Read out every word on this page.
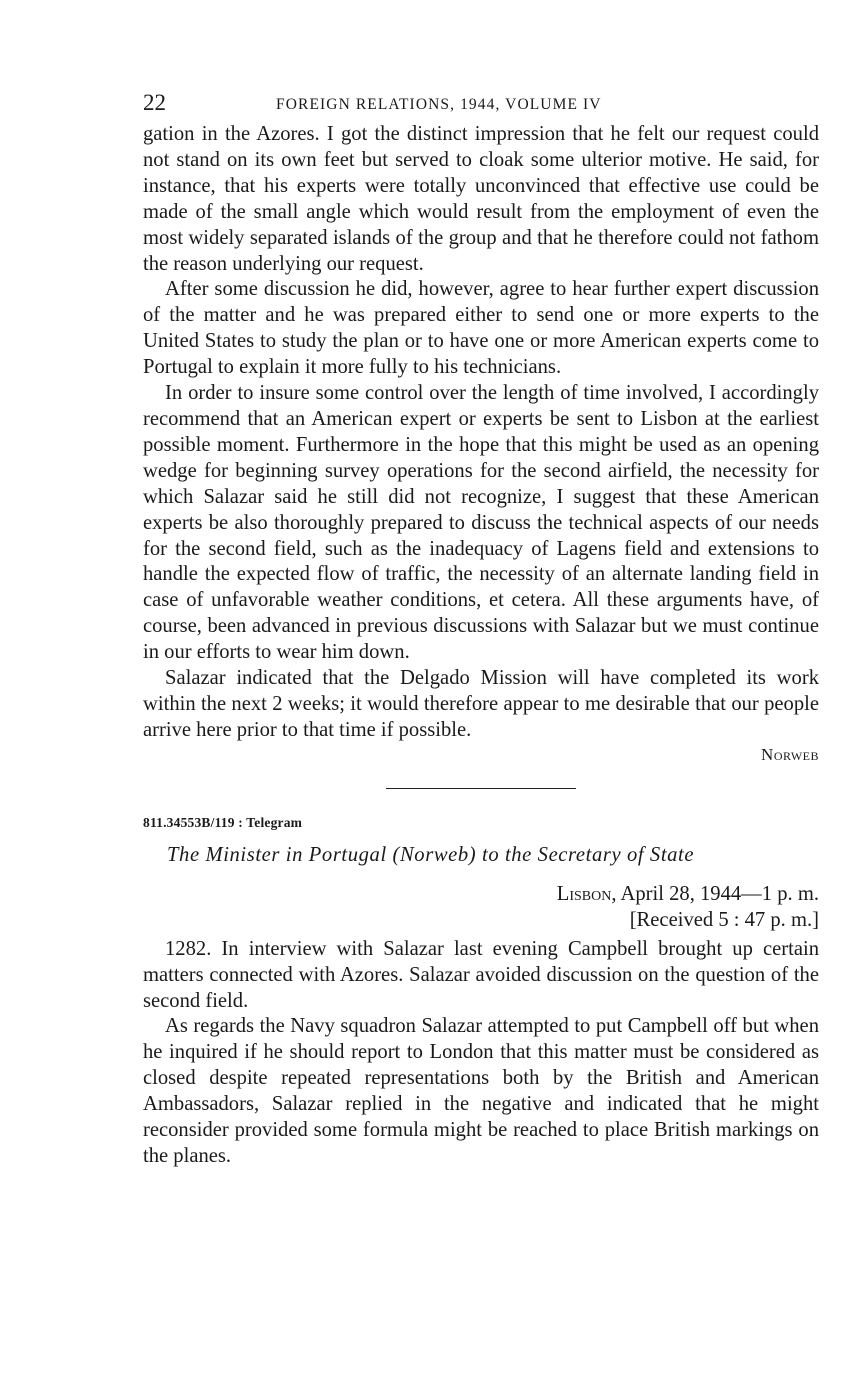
22	FOREIGN RELATIONS, 1944, VOLUME IV

gation in the Azores. I got the distinct impression that he felt our request could not stand on its own feet but served to cloak some ulterior motive. He said, for instance, that his experts were totally unconvinced that effective use could be made of the small angle which would result from the employment of even the most widely separated islands of the group and that he therefore could not fathom the reason underlying our request.

After some discussion he did, however, agree to hear further expert discussion of the matter and he was prepared either to send one or more experts to the United States to study the plan or to have one or more American experts come to Portugal to explain it more fully to his technicians.

In order to insure some control over the length of time involved, I accordingly recommend that an American expert or experts be sent to Lisbon at the earliest possible moment. Furthermore in the hope that this might be used as an opening wedge for beginning survey operations for the second airfield, the necessity for which Salazar said he still did not recognize, I suggest that these American experts be also thoroughly prepared to discuss the technical aspects of our needs for the second field, such as the inadequacy of Lagens field and extensions to handle the expected flow of traffic, the necessity of an alternate landing field in case of unfavorable weather conditions, et cetera. All these arguments have, of course, been advanced in previous discussions with Salazar but we must continue in our efforts to wear him down.

Salazar indicated that the Delgado Mission will have completed its work within the next 2 weeks; it would therefore appear to me desirable that our people arrive here prior to that time if possible.

Norweb
811.34553B/119 : Telegram
The Minister in Portugal (Norweb) to the Secretary of State
Lisbon, April 28, 1944—1 p. m.
[Received 5 : 47 p. m.]

1282. In interview with Salazar last evening Campbell brought up certain matters connected with Azores. Salazar avoided discussion on the question of the second field.

As regards the Navy squadron Salazar attempted to put Campbell off but when he inquired if he should report to London that this matter must be considered as closed despite repeated representations both by the British and American Ambassadors, Salazar replied in the negative and indicated that he might reconsider provided some formula might be reached to place British markings on the planes.
